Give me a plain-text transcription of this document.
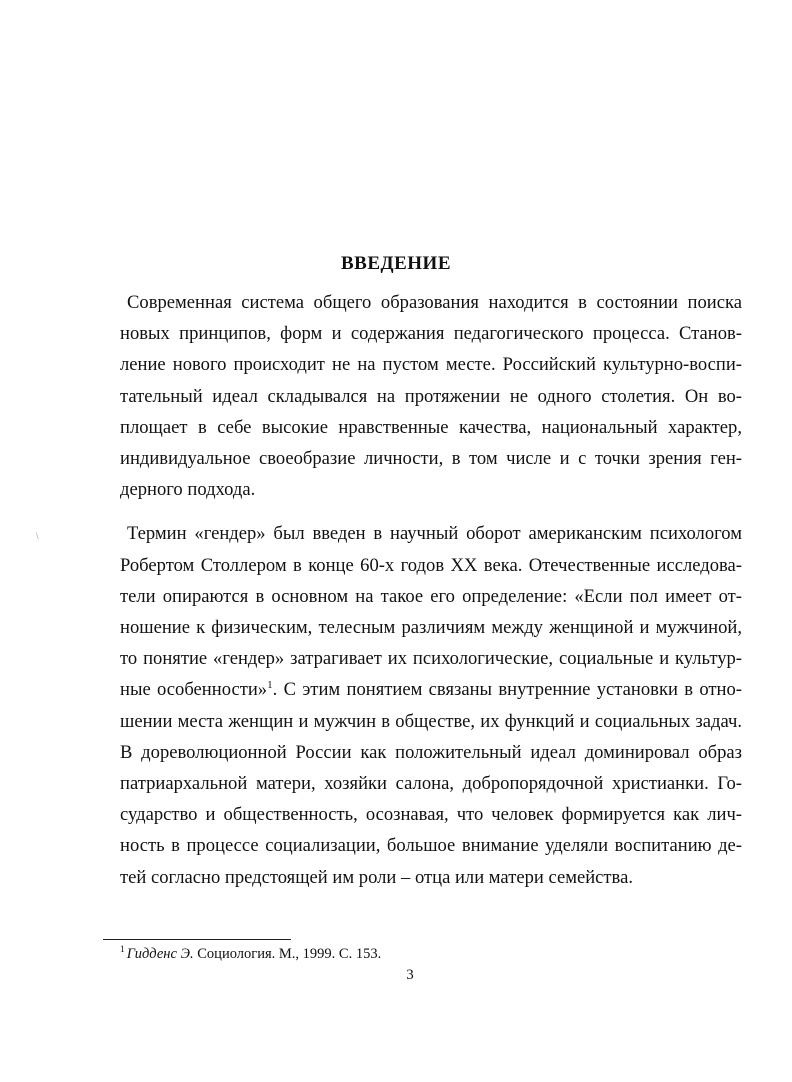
ВВЕДЕНИЕ

Современная система общего образования находится в состоянии поиска
новых принципов, форм и содержания педагогического процесса. Станов-
ление нового происходит не на пустом месте. Российский культурно-воспи-
тательный идеал складывался на протяжении не одного столетия. Он во-
площает в себе высокие нравственные качества, национальный характер,
индивидуальное своеобразие личности, в том числе и с точки зрения ген-
дерного подхода.

Термин «гендер» был введен в научный оборот американским психологом
Робертом Столлером в конце 60-х годов XX века. Отечественные исследова-
тели опираются в основном на такое его определение: «Если пол имеет от-
ношение к физическим, телесным различиям между женщиной и мужчиной,
то понятие «гендер» затрагивает их психологические, социальные и культур-
ные особенности»$^1$. С этим понятием связаны внутренние установки в отно-
шении места женщин и мужчин в обществе, их функций и социальных задач.
В дореволюционной России как положительный идеал доминировал образ
патриархальной матери, хозяйки салона, добропорядочной христианки. Го-
сударство и общественность, осознавая, что человек формируется как лич-
ность в процессе социализации, большое внимание уделяли воспитанию де-
тей согласно предстоящей им роли – отца или матери семейства.

\
$^1$ Гидденс Э. Социология. М., 1999. С. 153.
3
